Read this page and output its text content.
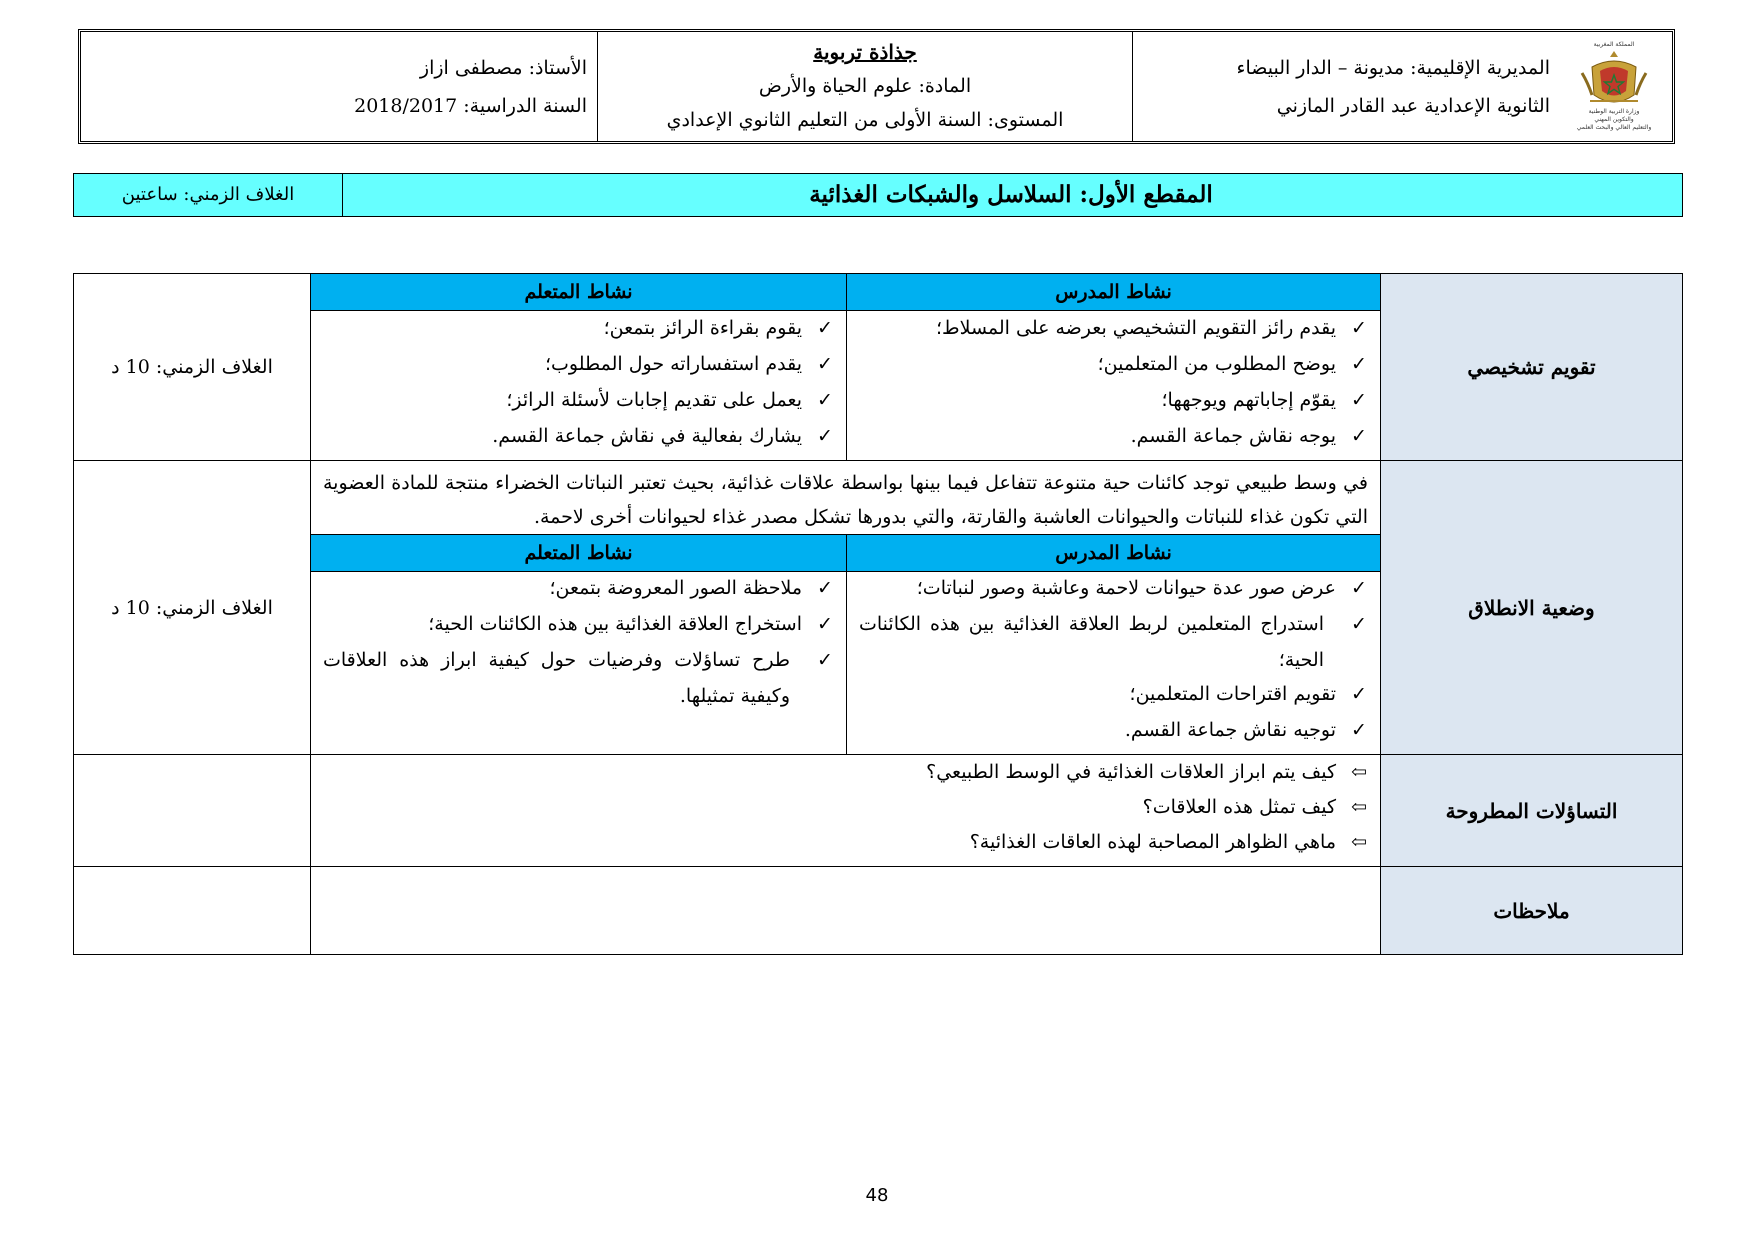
المملكة المغربية
وزارة التربية الوطنية
والتكوين المهني
والتعليم العالي والبحث العلمي
المديرية الإقليمية: مديونة – الدار البيضاء
الثانوية الإعدادية عبد القادر المازني
جذاذة تربوية
المادة: علوم الحياة والأرض
المستوى: السنة الأولى من التعليم الثانوي الإعدادي
الأستاذ: مصطفى ازاز
السنة الدراسية: 2018/2017
المقطع الأول: السلاسل والشبكات الغذائية
الغلاف الزمني: ساعتين
تقويم تشخيصي
نشاط المدرس
نشاط المتعلم
✓يقدم رائز التقويم التشخيصي بعرضه على المسلاط؛
✓يوضح المطلوب من المتعلمين؛
✓يقوّم إجاباتهم ويوجهها؛
✓يوجه نقاش جماعة القسم.
✓يقوم بقراءة الرائز بتمعن؛
✓يقدم استفساراته حول المطلوب؛
✓يعمل على تقديم إجابات لأسئلة الرائز؛
✓يشارك بفعالية في نقاش جماعة القسم.
الغلاف الزمني: 10 د
وضعية الانطلاق
في وسط طبيعي توجد كائنات حية متنوعة تتفاعل فيما بينها بواسطة علاقات غذائية، بحيث تعتبر النباتات الخضراء منتجة للمادة العضوية التي تكون غذاء للنباتات والحيوانات العاشبة والقارتة، والتي بدورها تشكل مصدر غذاء لحيوانات أخرى لاحمة.
نشاط المدرس
نشاط المتعلم
✓عرض صور عدة حيوانات لاحمة وعاشبة وصور لنباتات؛
✓
استدراج المتعلمين لربط العلاقة الغذائية بين هذه الكائنات الحية؛
✓تقويم اقتراحات المتعلمين؛
✓توجيه نقاش جماعة القسم.
✓ملاحظة الصور المعروضة بتمعن؛
✓استخراج العلاقة الغذائية بين هذه الكائنات الحية؛
✓
طرح تساؤلات وفرضيات حول كيفية ابراز هذه العلاقات وكيفية تمثيلها.
الغلاف الزمني: 10 د
التساؤلات المطروحة
⇦كيف يتم ابراز العلاقات الغذائية في الوسط الطبيعي؟
⇦كيف تمثل هذه العلاقات؟
⇦ماهي الظواهر المصاحبة لهذه العاقات الغذائية؟
ملاحظات
48
